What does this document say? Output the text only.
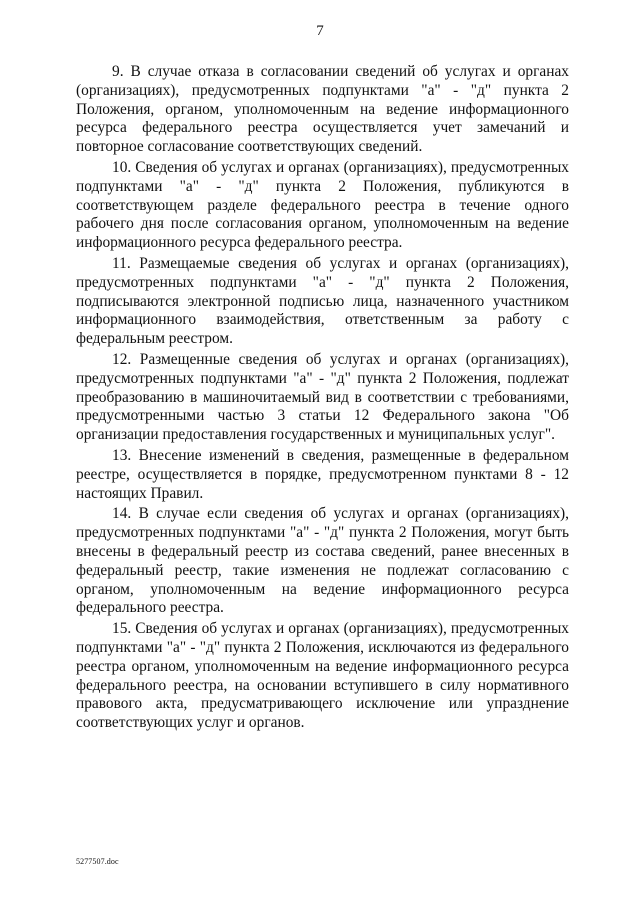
7

9. В случае отказа в согласовании сведений об услугах и органах (организациях), предусмотренных подпунктами "а" - "д" пункта 2 Положения, органом, уполномоченным на ведение информационного ресурса федерального реестра осуществляется учет замечаний и повторное согласование соответствующих сведений.

10. Сведения об услугах и органах (организациях), предусмотренных подпунктами "а" - "д" пункта 2 Положения, публикуются в соответствующем разделе федерального реестра в течение одного рабочего дня после согласования органом, уполномоченным на ведение информационного ресурса федерального реестра.

11. Размещаемые сведения об услугах и органах (организациях), предусмотренных подпунктами "а" - "д" пункта 2 Положения, подписываются электронной подписью лица, назначенного участником информационного взаимодействия, ответственным за работу с федеральным реестром.

12. Размещенные сведения об услугах и органах (организациях), предусмотренных подпунктами "а" - "д" пункта 2 Положения, подлежат преобразованию в машиночитаемый вид в соответствии с требованиями, предусмотренными частью 3 статьи 12 Федерального закона "Об организации предоставления государственных и муниципальных услуг".

13. Внесение изменений в сведения, размещенные в федеральном реестре, осуществляется в порядке, предусмотренном пунктами 8 - 12 настоящих Правил.

14. В случае если сведения об услугах и органах (организациях), предусмотренных подпунктами "а" - "д" пункта 2 Положения, могут быть внесены в федеральный реестр из состава сведений, ранее внесенных в федеральный реестр, такие изменения не подлежат согласованию с органом, уполномоченным на ведение информационного ресурса федерального реестра.

15. Сведения об услугах и органах (организациях), предусмотренных подпунктами "а" - "д" пункта 2 Положения, исключаются из федерального реестра органом, уполномоченным на ведение информационного ресурса федерального реестра, на основании вступившего в силу нормативного правового акта, предусматривающего исключение или упразднение соответствующих услуг и органов.

5277507.doc
